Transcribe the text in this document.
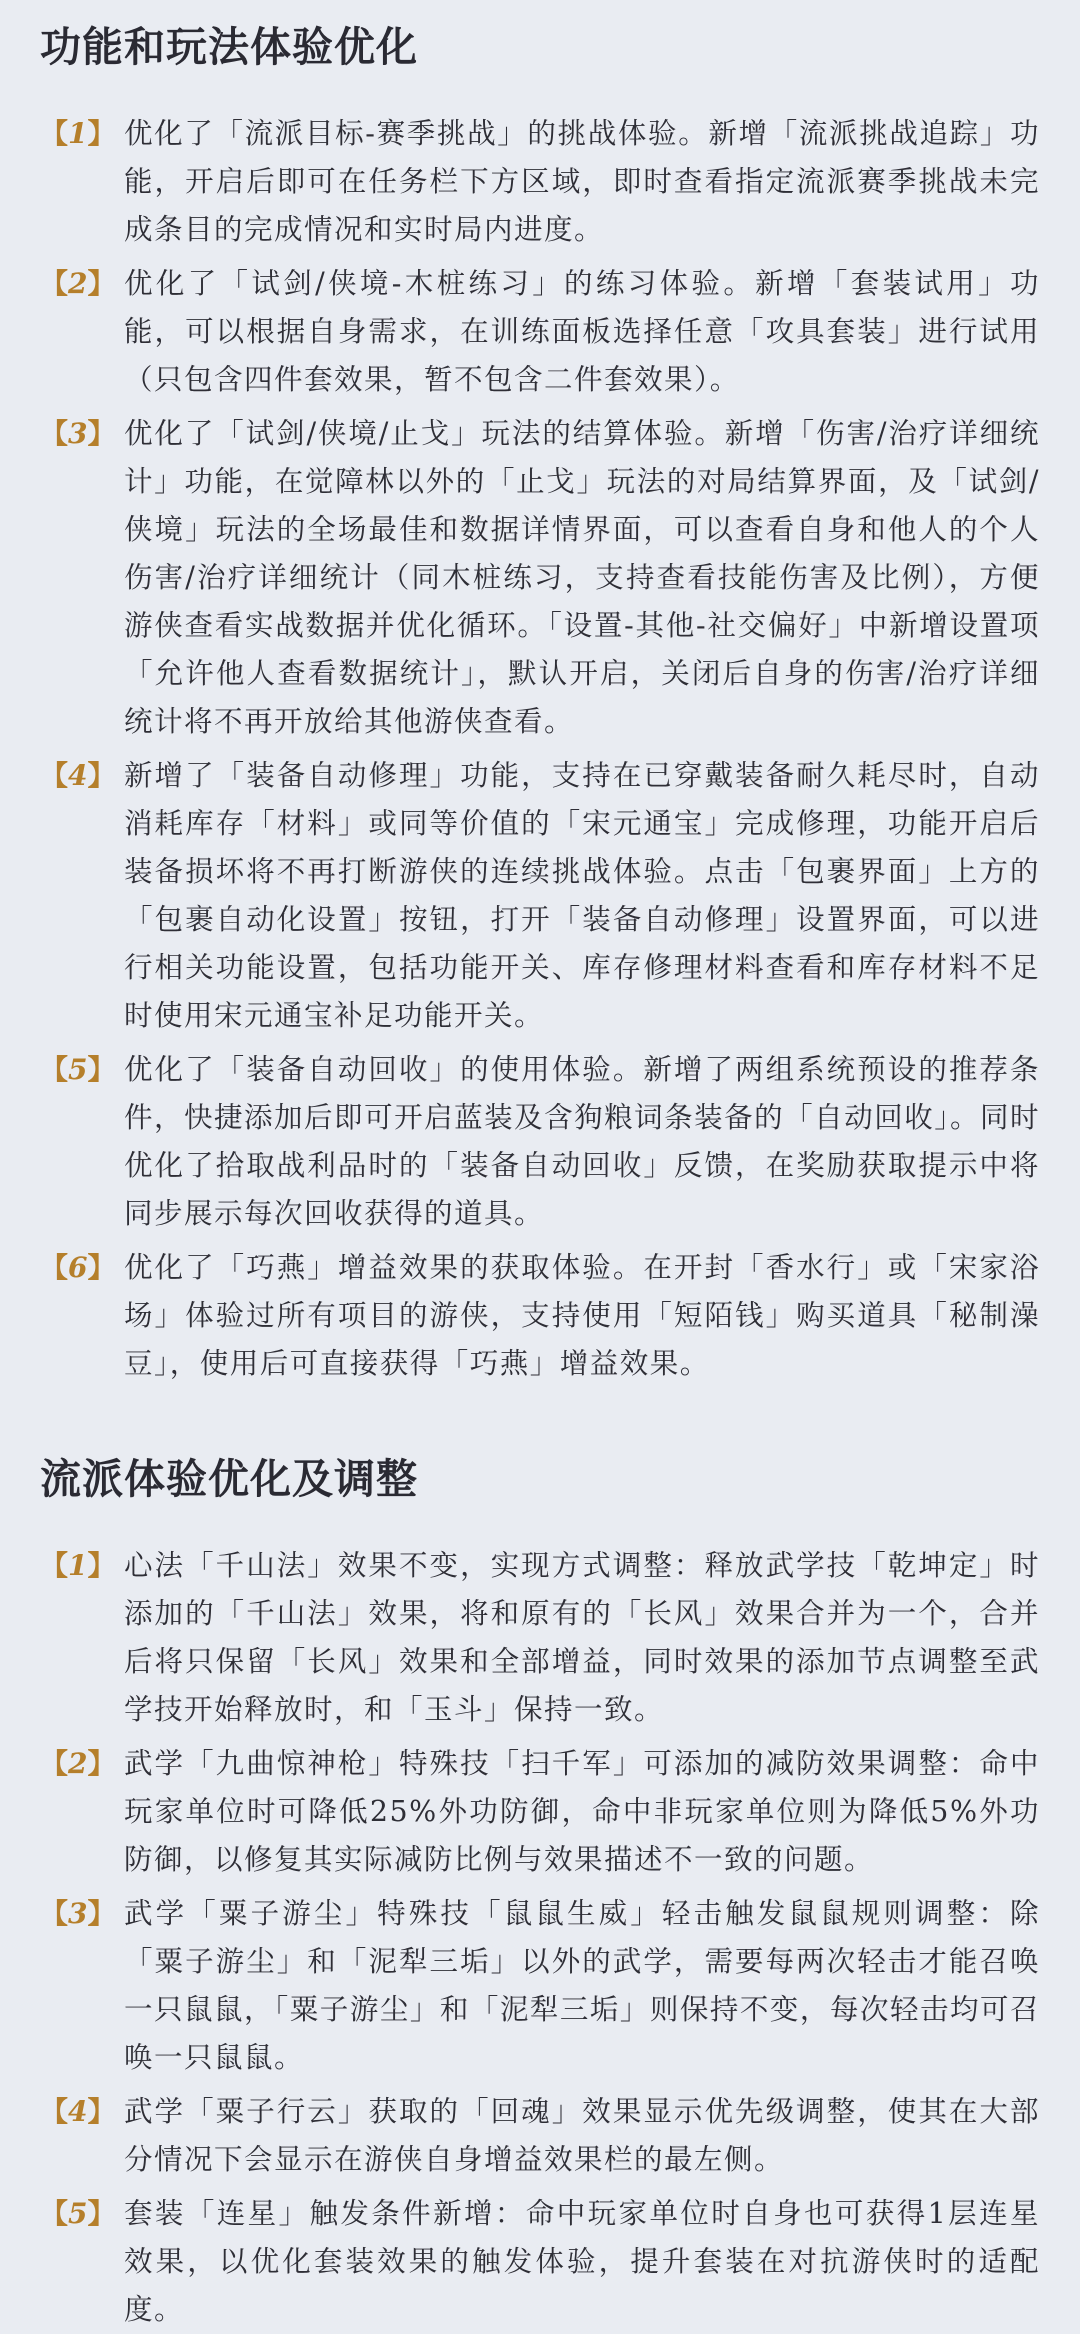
功能和玩法体验优化
【 1 】 优化了「流派目标-赛季挑战」的挑战体验。新增「流派挑战追踪」功能，开启后即可在任务栏下方区域，即时查看指定流派赛季挑战未完成条目的完成情况和实时局内进度。
【 2 】 优化了「试剑/侠境-木桩练习」的练习体验。新增「套装试用」功能，可以根据自身需求，在训练面板选择任意「攻具套装」进行试用（只包含四件套效果，暂不包含二件套效果）。
【 3 】 优化了「试剑/侠境/止戈」玩法的结算体验。新增「伤害/治疗详细统计」功能，在觉障林以外的「止戈」玩法的对局结算界面，及「试剑/侠境」玩法的全场最佳和数据详情界面，可以查看自身和他人的个人伤害/治疗详细统计（同木桩练习，支持查看技能伤害及比例），方便游侠查看实战数据并优化循环。「设置-其他-社交偏好」中新增设置项「允许他人查看数据统计」，默认开启，关闭后自身的伤害/治疗详细统计将不再开放给其他游侠查看。
【 4 】 新增了「装备自动修理」功能，支持在已穿戴装备耐久耗尽时，自动消耗库存「材料」或同等价值的「宋元通宝」完成修理，功能开启后装备损坏将不再打断游侠的连续挑战体验。点击「包裹界面」上方的「包裹自动化设置」按钮，打开「装备自动修理」设置界面，可以进行相关功能设置，包括功能开关、库存修理材料查看和库存材料不足时使用宋元通宝补足功能开关。
【 5 】 优化了「装备自动回收」的使用体验。新增了两组系统预设的推荐条件，快捷添加后即可开启蓝装及含狗粮词条装备的「自动回收」。同时优化了拾取战利品时的「装备自动回收」反馈，在奖励获取提示中将同步展示每次回收获得的道具。
【 6 】 优化了「巧燕」增益效果的获取体验。在开封「香水行」或「宋家浴场」体验过所有项目的游侠，支持使用「短陌钱」购买道具「秘制澡豆」，使用后可直接获得「巧燕」增益效果。
流派体验优化及调整
【 1 】 心法「千山法」效果不变，实现方式调整：释放武学技「乾坤定」时添加的「千山法」效果，将和原有的「长风」效果合并为一个，合并后将只保留「长风」效果和全部增益，同时效果的添加节点调整至武学技开始释放时，和「玉斗」保持一致。
【 2 】 武学「九曲惊神枪」特殊技「扫千军」可添加的减防效果调整：命中玩家单位时可降低25%外功防御，命中非玩家单位则为降低5%外功防御，以修复其实际减防比例与效果描述不一致的问题。
【 3 】 武学「粟子游尘」特殊技「鼠鼠生威」轻击触发鼠鼠规则调整：除「粟子游尘」和「泥犁三垢」以外的武学，需要每两次轻击才能召唤一只鼠鼠，「粟子游尘」和「泥犁三垢」则保持不变，每次轻击均可召唤一只鼠鼠。
【 4 】 武学「粟子行云」获取的「回魂」效果显示优先级调整，使其在大部分情况下会显示在游侠自身增益效果栏的最左侧。
【 5 】 套装「连星」触发条件新增：命中玩家单位时自身也可获得1层连星效果，以优化套装效果的触发体验，提升套装在对抗游侠时的适配度。
